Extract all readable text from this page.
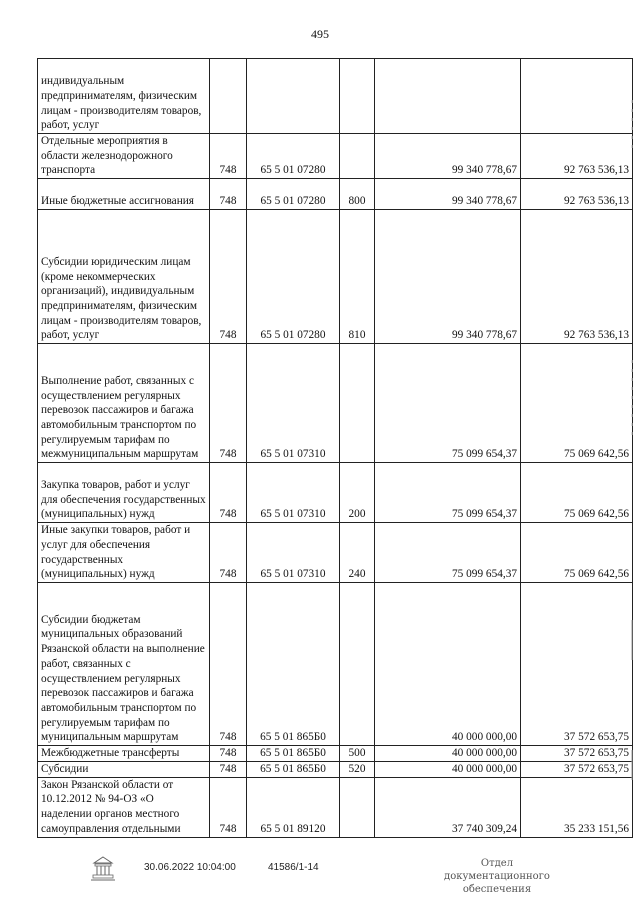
495
индивидуальным предпринимателям, физическим лицам - производителям товаров, работ, услуг					
Отдельные мероприятия в области железнодорожного транспорта	748	65 5 01 07280		99 340 778,67	92 763 536,13
Иные бюджетные ассигнования	748	65 5 01 07280	800	99 340 778,67	92 763 536,13
Субсидии юридическим лицам (кроме некоммерческих организаций), индивидуальным предпринимателям, физическим лицам - производителям товаров, работ, услуг	748	65 5 01 07280	810	99 340 778,67	92 763 536,13
Выполнение работ, связанных с осуществлением регулярных перевозок пассажиров и багажа автомобильным транспортом по регулируемым тарифам по межмуниципальным маршрутам	748	65 5 01 07310		75 099 654,37	75 069 642,56
Закупка товаров, работ и услуг для обеспечения государственных (муниципальных) нужд	748	65 5 01 07310	200	75 099 654,37	75 069 642,56
Иные закупки товаров, работ и услуг для обеспечения государственных (муниципальных) нужд	748	65 5 01 07310	240	75 099 654,37	75 069 642,56
Субсидии бюджетам муниципальных образований Рязанской области на выполнение работ, связанных с осуществлением регулярных перевозок пассажиров и багажа автомобильным транспортом по регулируемым тарифам по муниципальным маршрутам	748	65 5 01 865Б0		40 000 000,00	37 572 653,75
Межбюджетные трансферты	748	65 5 01 865Б0	500	40 000 000,00	37 572 653,75
Субсидии	748	65 5 01 865Б0	520	40 000 000,00	37 572 653,75
Закон Рязанской области от 10.12.2012 № 94-ОЗ «О наделении органов местного самоуправления отдельными	748	65 5 01 89120		37 740 309,24	35 233 151,56
30.06.2022 10:04:00	41586/1-14	Отдел документационного обеспечения
